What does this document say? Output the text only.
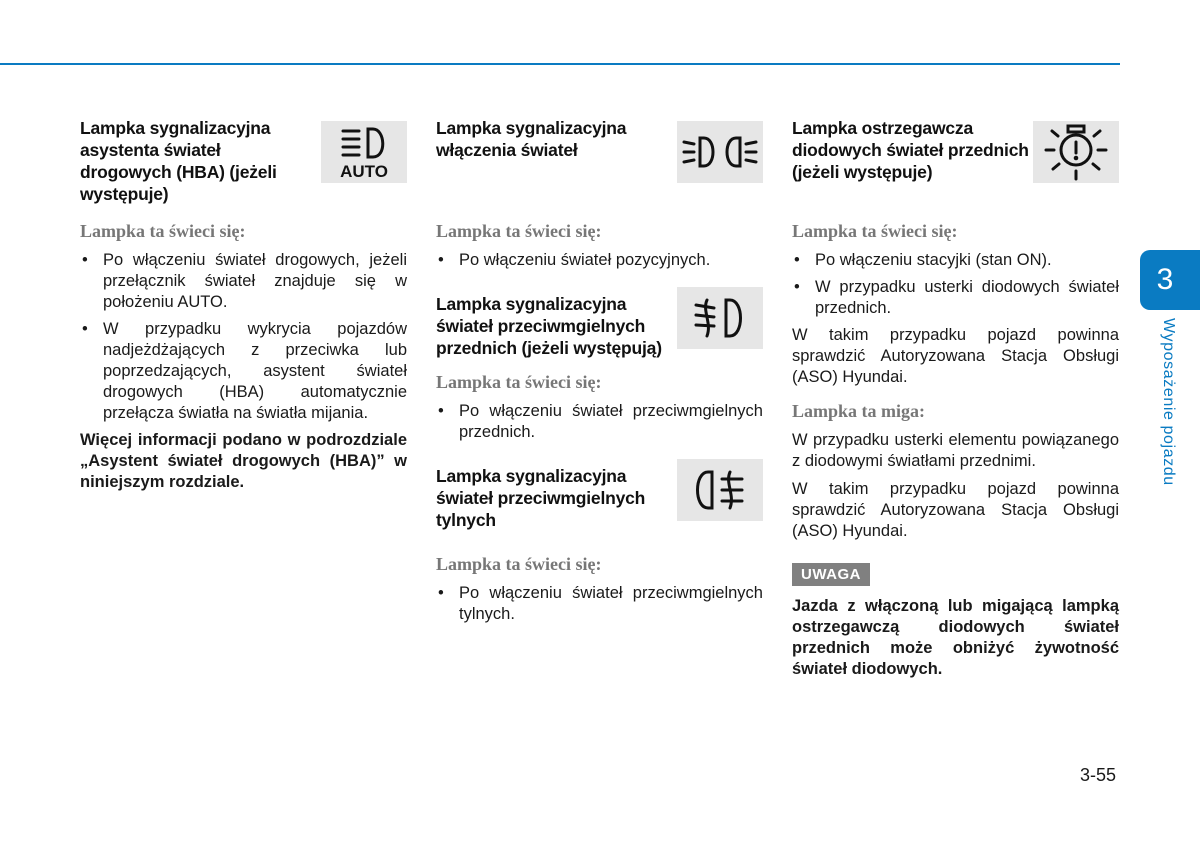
Lampka sygnalizacyjna asystenta świateł drogowych (HBA) (jeżeli występuje)

AUTO

Lampka ta świeci się:

• Po włączeniu świateł drogowych, jeżeli przełącznik świateł znajduje się w położeniu AUTO.
• W przypadku wykrycia pojazdów nadjeżdżających z przeciwka lub poprzedzających, asystent świateł drogowych (HBA) automatycznie przełącza światła na światła mijania.

Więcej informacji podano w podrozdziale „Asystent świateł drogowych (HBA)” w niniejszym rozdziale.

Lampka sygnalizacyjna włączenia świateł

Lampka ta świeci się:

• Po włączeniu świateł pozycyjnych.

Lampka sygnalizacyjna świateł przeciwmgielnych przednich (jeżeli występują)

Lampka ta świeci się:

• Po włączeniu świateł przeciwmgielnych przednich.

Lampka sygnalizacyjna świateł przeciwmgielnych tylnych

Lampka ta świeci się:

• Po włączeniu świateł przeciwmgielnych tylnych.

Lampka ostrzegawcza diodowych świateł przednich (jeżeli występuje)

Lampka ta świeci się:

• Po włączeniu stacyjki (stan ON).
• W przypadku usterki diodowych świateł przednich.

W takim przypadku pojazd powinna sprawdzić Autoryzowana Stacja Obsługi (ASO) Hyundai.

Lampka ta miga:

W przypadku usterki elementu powiązanego z diodowymi światłami przednimi.

W takim przypadku pojazd powinna sprawdzić Autoryzowana Stacja Obsługi (ASO) Hyundai.

UWAGA

Jazda z włączoną lub migającą lampką ostrzegawczą diodowych świateł przednich może obniżyć żywotność świateł diodowych.

3
Wyposażenie pojazdu
3-55
